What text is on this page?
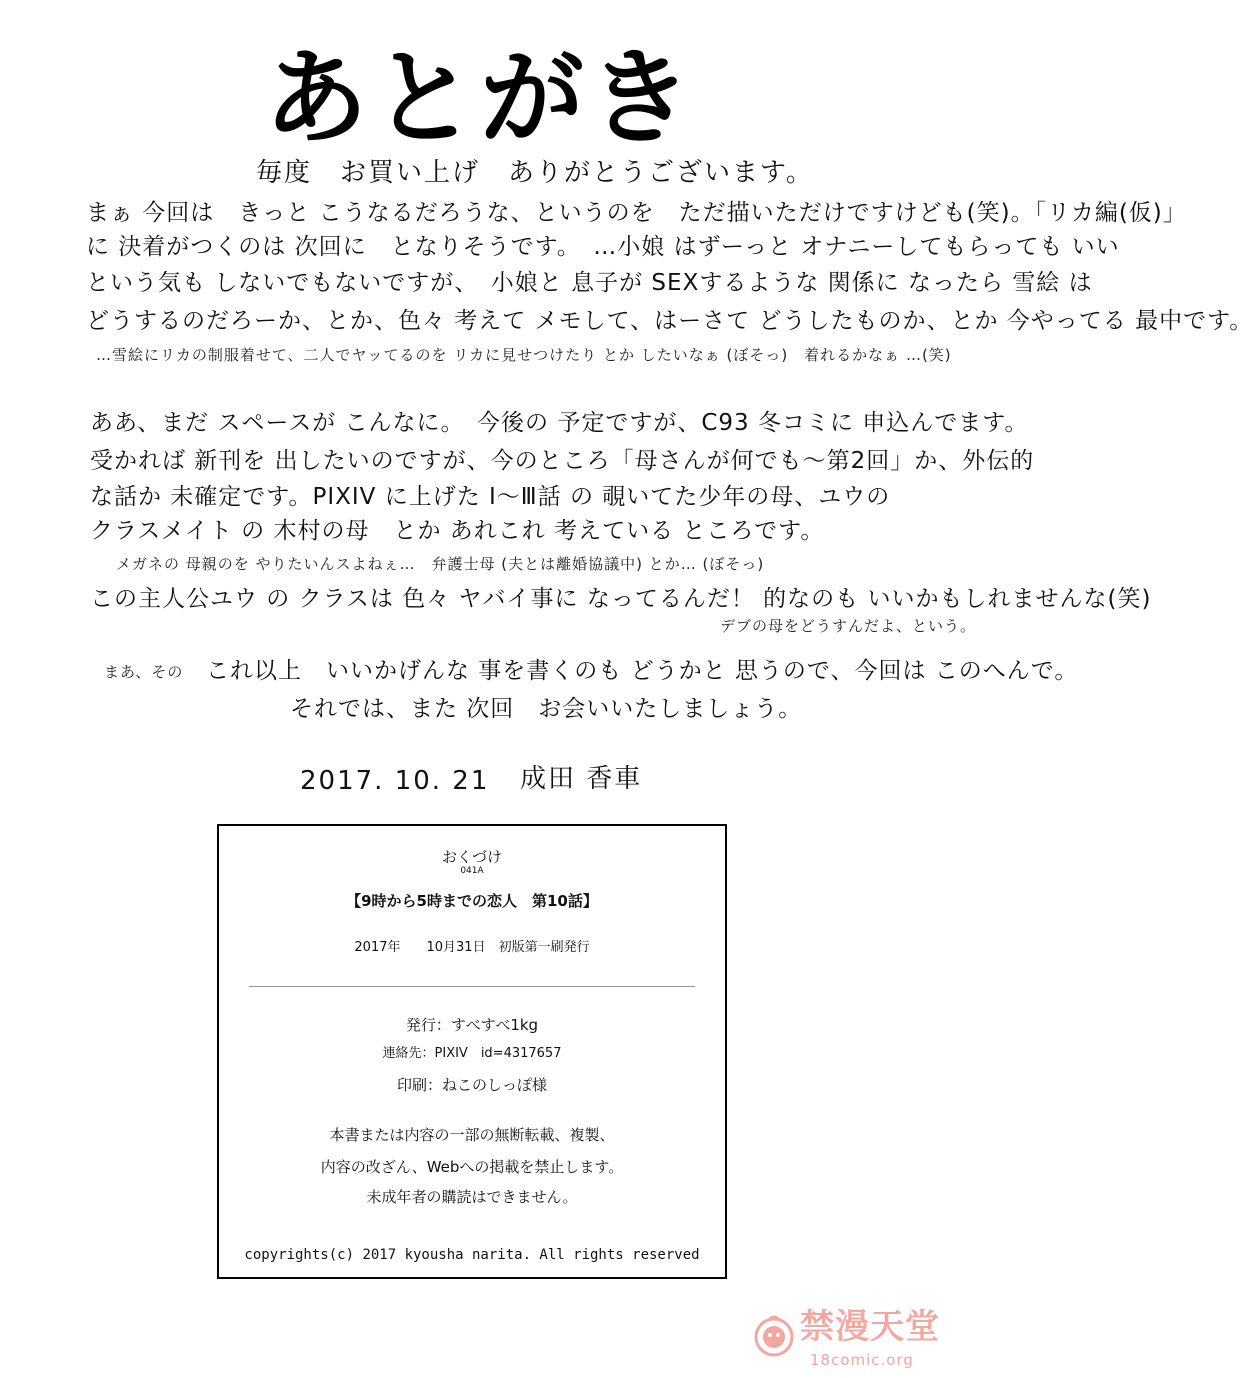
あとがき
毎度　お買い上げ　ありがとうございます。
まぁ 今回は　きっと こうなるだろうな、というのを　ただ描いただけですけども(笑)。「リカ編(仮)」
に 決着がつくのは 次回に　となりそうです。　…小娘 はずーっと オナニーしてもらっても いい
という気も しないでもないですが、　小娘と 息子が SEXするような 関係に なったら 雪絵 は
どうするのだろーか、とか、色々 考えて メモして、はーさて どうしたものか、とか 今やってる 最中です。
…雪絵にリカの制服着せて、二人でヤッてるのを リカに見せつけたり とか したいなぁ (ぼそっ)　着れるかなぁ …(笑)
ああ、まだ スペースが こんなに。　今後の 予定ですが、C93 冬コミに 申込んでます。
受かれば 新刊を 出したいのですが、今のところ「母さんが何でも〜第2回」か、外伝的
な話か 未確定です。PIXIV に上げた Ⅰ〜Ⅲ話 の 覗いてた少年の母、ユウの
クラスメイト の 木村の母　とか あれこれ 考えている ところです。
メガネの 母親のを やりたいんスよねぇ…　弁護士母 (夫とは離婚協議中) とか… (ぼそっ)
この主人公ユウ の クラスは 色々 ヤバイ事に なってるんだ！ 的なのも いいかもしれませんな(笑)
デブの母をどうすんだよ、という。
まあ、その これ以上　いいかげんな 事を書くのも どうかと 思うので、今回は このへんで。
それでは、また 次回　お会いいたしましょう。
2017. 10. 21 成田 香車
おくづけ
041A
【9時から5時までの恋人　第10話】
2017年　　10月31日　初版第一刷発行
発行：すべすべ1kg
連絡先：PIXIV　id=4317657
印刷：ねこのしっぽ様
本書または内容の一部の無断転載、複製、
内容の改ざん、Webへの掲載を禁止します。
未成年者の購読はできません。
copyrights(c) 2017 kyousha narita. All rights reserved
禁漫天堂
18comic.org
